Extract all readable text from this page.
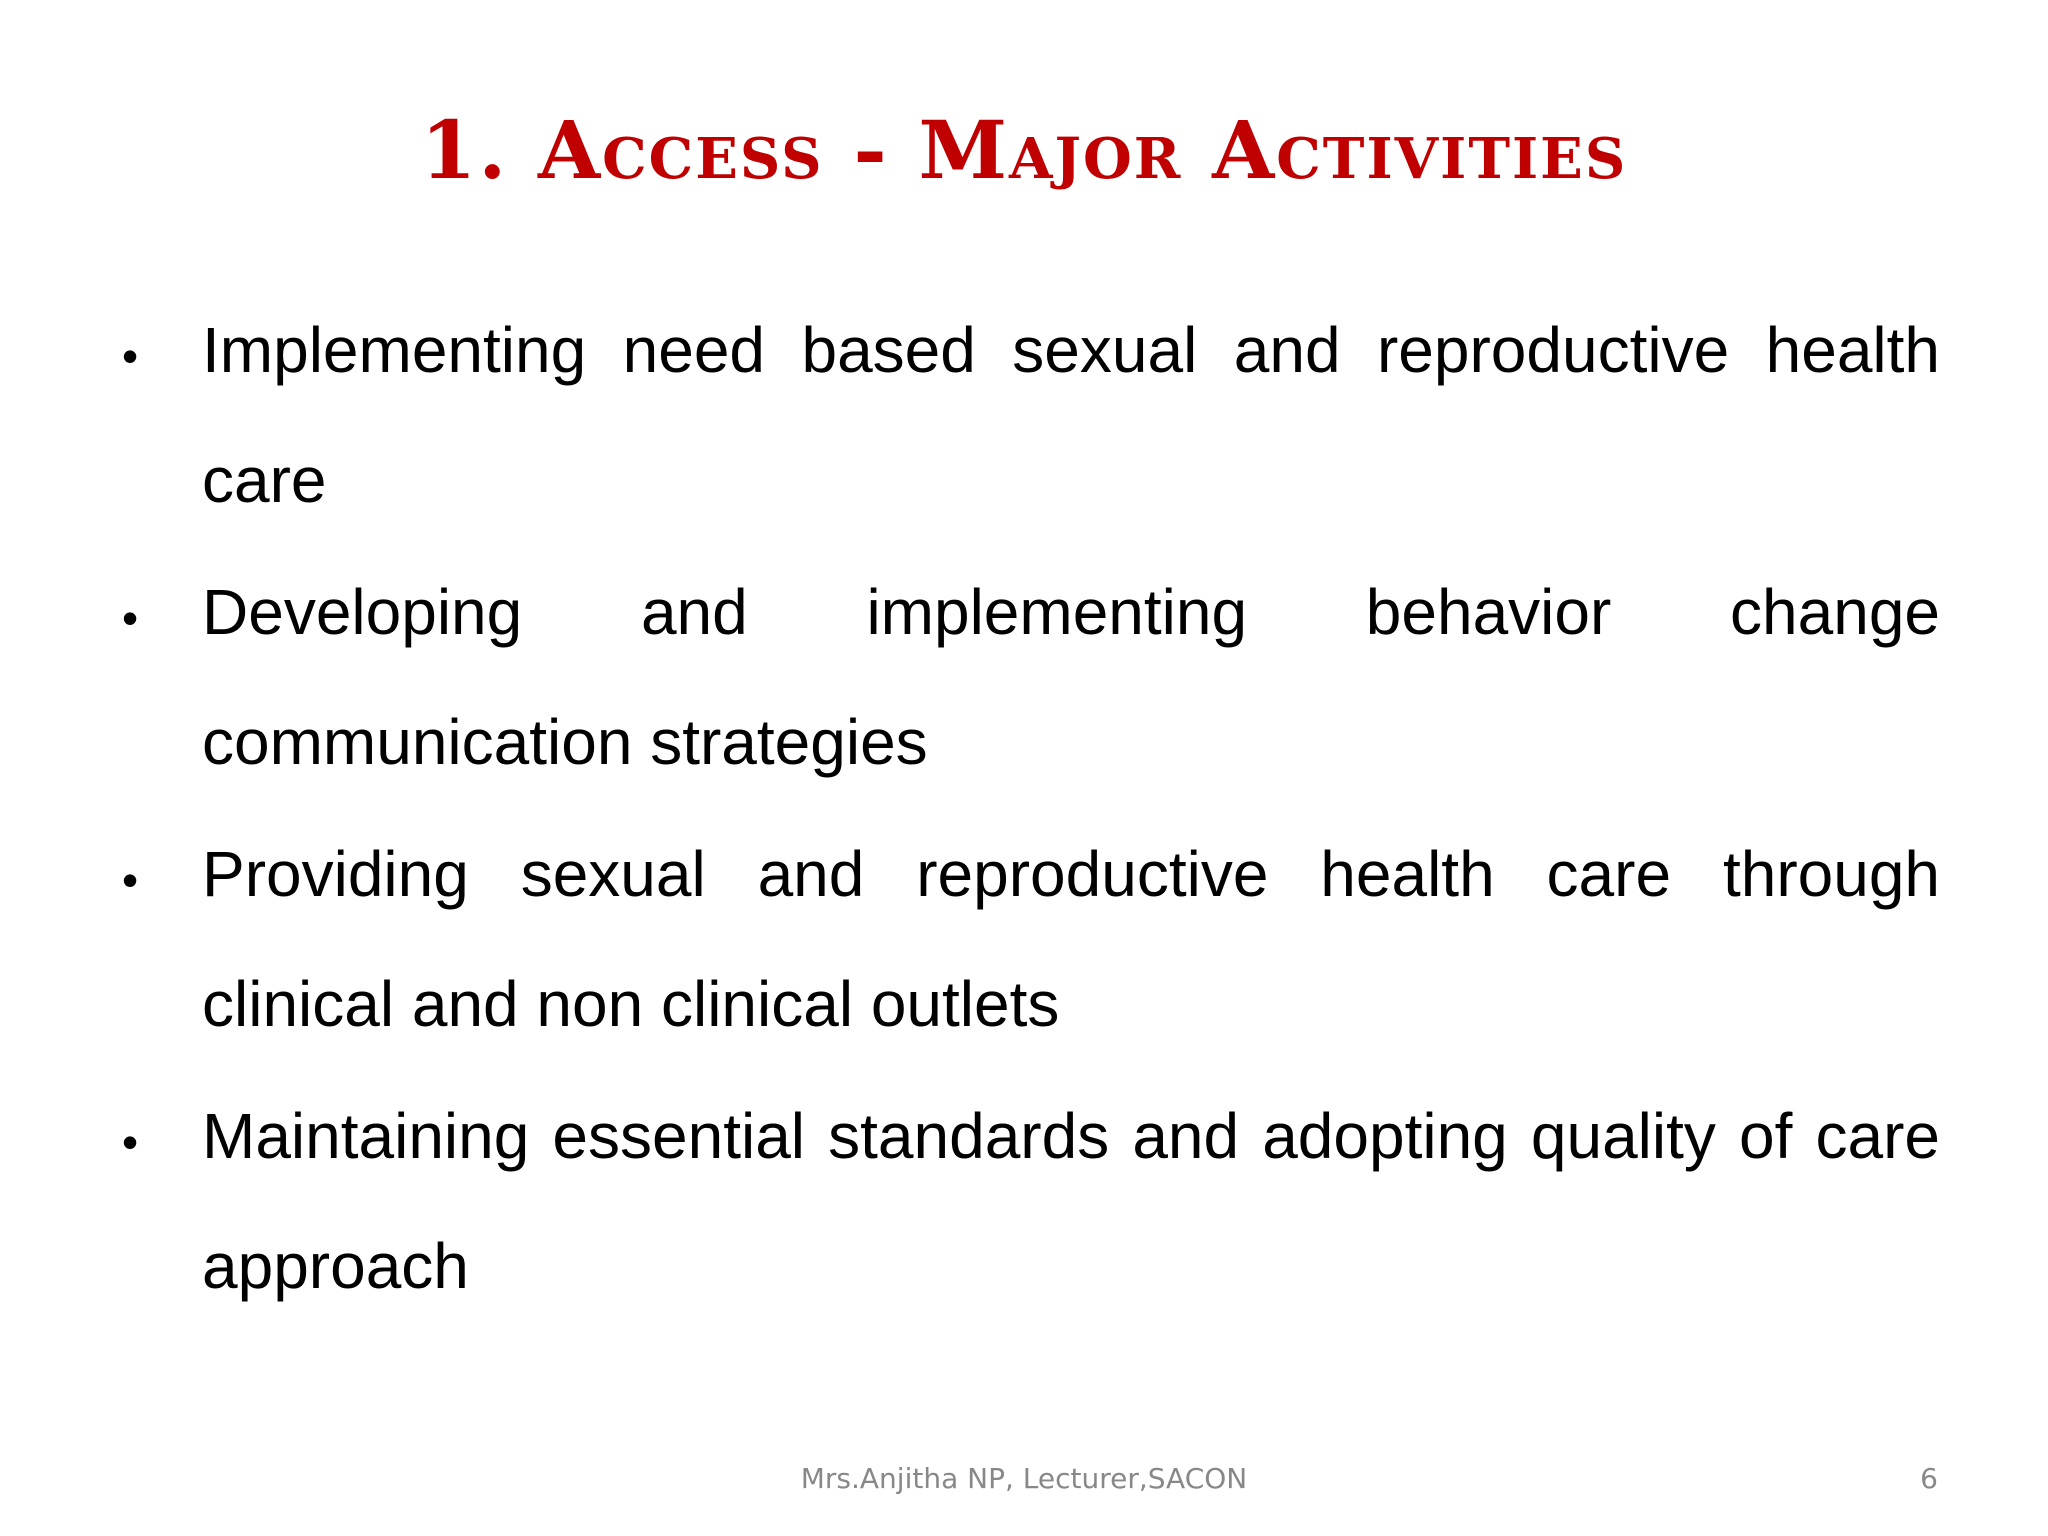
1. Access - Major Activities
• Implementing need based sexual and reproductive health care
• Developing and implementing behavior change communication strategies
• Providing sexual and reproductive health care through clinical and non clinical outlets
• Maintaining essential standards and adopting quality of care approach
Mrs.Anjitha NP, Lecturer,SACON	6
